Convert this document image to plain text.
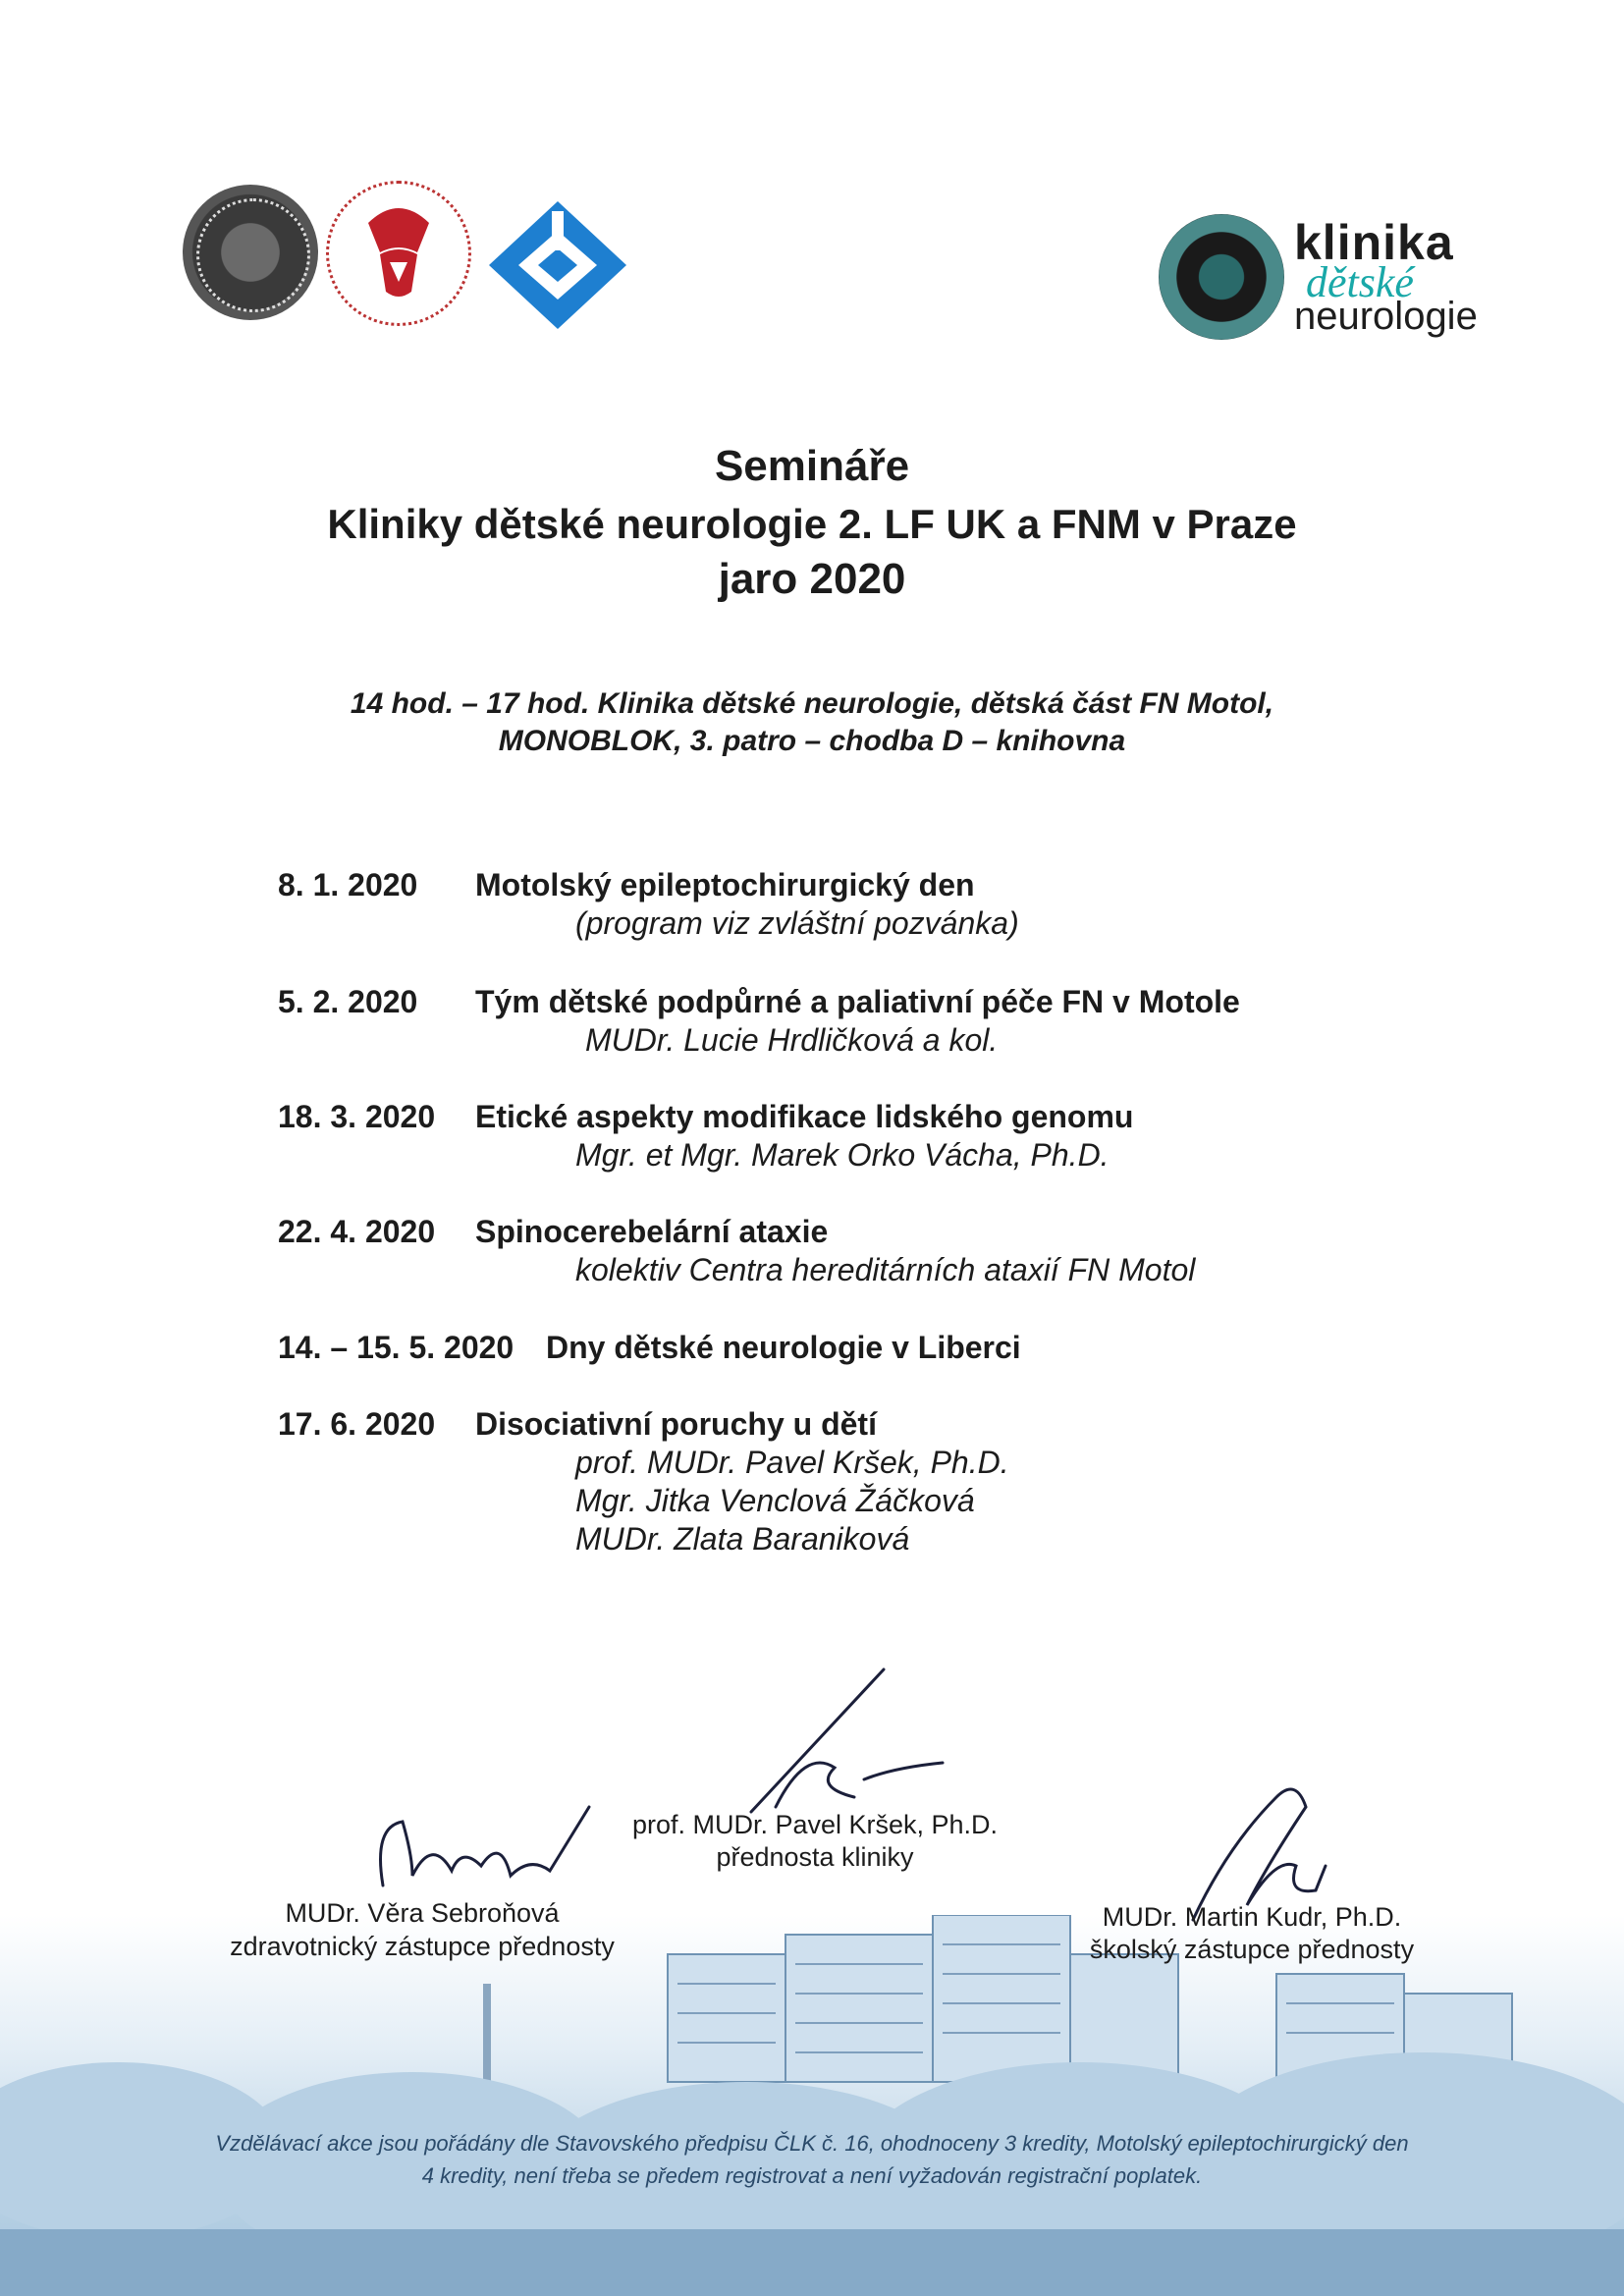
klinika
dětské
neurologie
Semináře
Kliniky dětské neurologie 2. LF UK a FNM v Praze
jaro 2020
14 hod. – 17 hod. Klinika dětské neurologie, dětská část FN Motol,
MONOBLOK, 3. patro – chodba D – knihovna
8. 1. 2020 Motolský epileptochirurgický den
(program viz zvláštní pozvánka)
5. 2. 2020 Tým dětské podpůrné a paliativní péče FN v Motole
MUDr. Lucie Hrdličková a kol.
18. 3. 2020 Etické aspekty modifikace lidského genomu
Mgr. et Mgr. Marek Orko Vácha, Ph.D.
22. 4. 2020 Spinocerebelární ataxie
kolektiv Centra hereditárních ataxií FN Motol
14. – 15. 5. 2020 Dny dětské neurologie v Liberci
17. 6. 2020 Disociativní poruchy u dětí
prof. MUDr. Pavel Kršek, Ph.D.
Mgr. Jitka Venclová Žáčková
MUDr. Zlata Baraniková
Vzdělávací akce jsou pořádány dle Stavovského předpisu ČLK č. 16, ohodnoceny 3 kredity, Motolský epileptochirurgický den
4 kredity, není třeba se předem registrovat a není vyžadován registrační poplatek.
prof. MUDr. Pavel Kršek, Ph.D.
přednosta kliniky
MUDr. Věra Sebroňová
zdravotnický zástupce přednosty
MUDr. Martin Kudr, Ph.D.
školský zástupce přednosty
